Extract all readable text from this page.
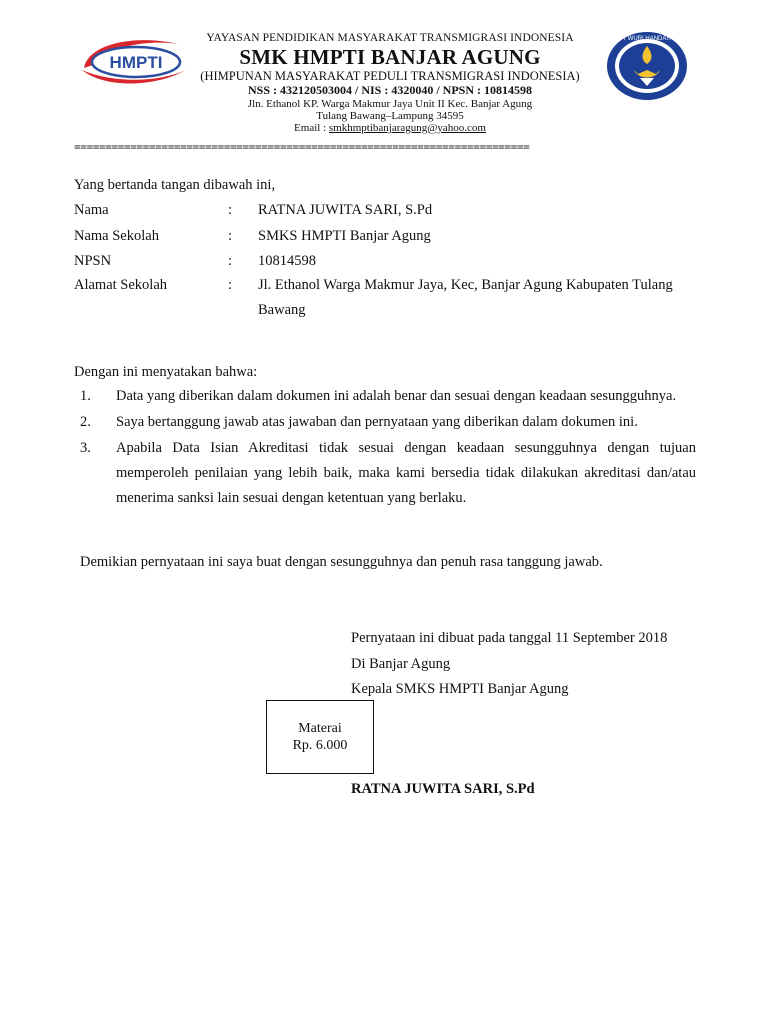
HMPTI
YAYASAN PENDIDIKAN MASYARAKAT TRANSMIGRASI INDONESIA
SMK HMPTI BANJAR AGUNG
(HIMPUNAN MASYARAKAT PEDULI TRANSMIGRASI INDONESIA)
NSS : 432120503004 / NIS : 4320040 / NPSN : 10814598
Jln. Ethanol KP. Warga Makmur Jaya Unit II Kec. Banjar Agung
Tulang Bawang–Lampung 34595
Email : smkhmptibanjaragung@yahoo.com
TUT WURI HANDAYANI
=========================================================================
Yang bertanda tangan dibawah ini,
Nama	: RATNA JUWITA SARI, S.Pd
Nama Sekolah	: SMKS HMPTI Banjar Agung
NPSN	: 10814598
Alamat Sekolah	: Jl. Ethanol Warga Makmur Jaya, Kec, Banjar Agung Kabupaten Tulang Bawang
Dengan ini menyatakan bahwa:
1. Data yang diberikan dalam dokumen ini adalah benar dan sesuai dengan keadaan sesungguhnya.
2. Saya bertanggung jawab atas jawaban dan pernyataan yang diberikan dalam dokumen ini.
3. Apabila Data Isian Akreditasi tidak sesuai dengan keadaan sesungguhnya dengan tujuan memperoleh penilaian yang lebih baik, maka kami bersedia tidak dilakukan akreditasi dan/atau menerima sanksi lain sesuai dengan ketentuan yang berlaku.
Demikian pernyataan ini saya buat dengan sesungguhnya dan penuh rasa tanggung jawab.
Pernyataan ini dibuat pada tanggal 11 September 2018
Di Banjar Agung
Kepala SMKS HMPTI Banjar Agung
Materai
Rp. 6.000
RATNA JUWITA SARI, S.Pd
